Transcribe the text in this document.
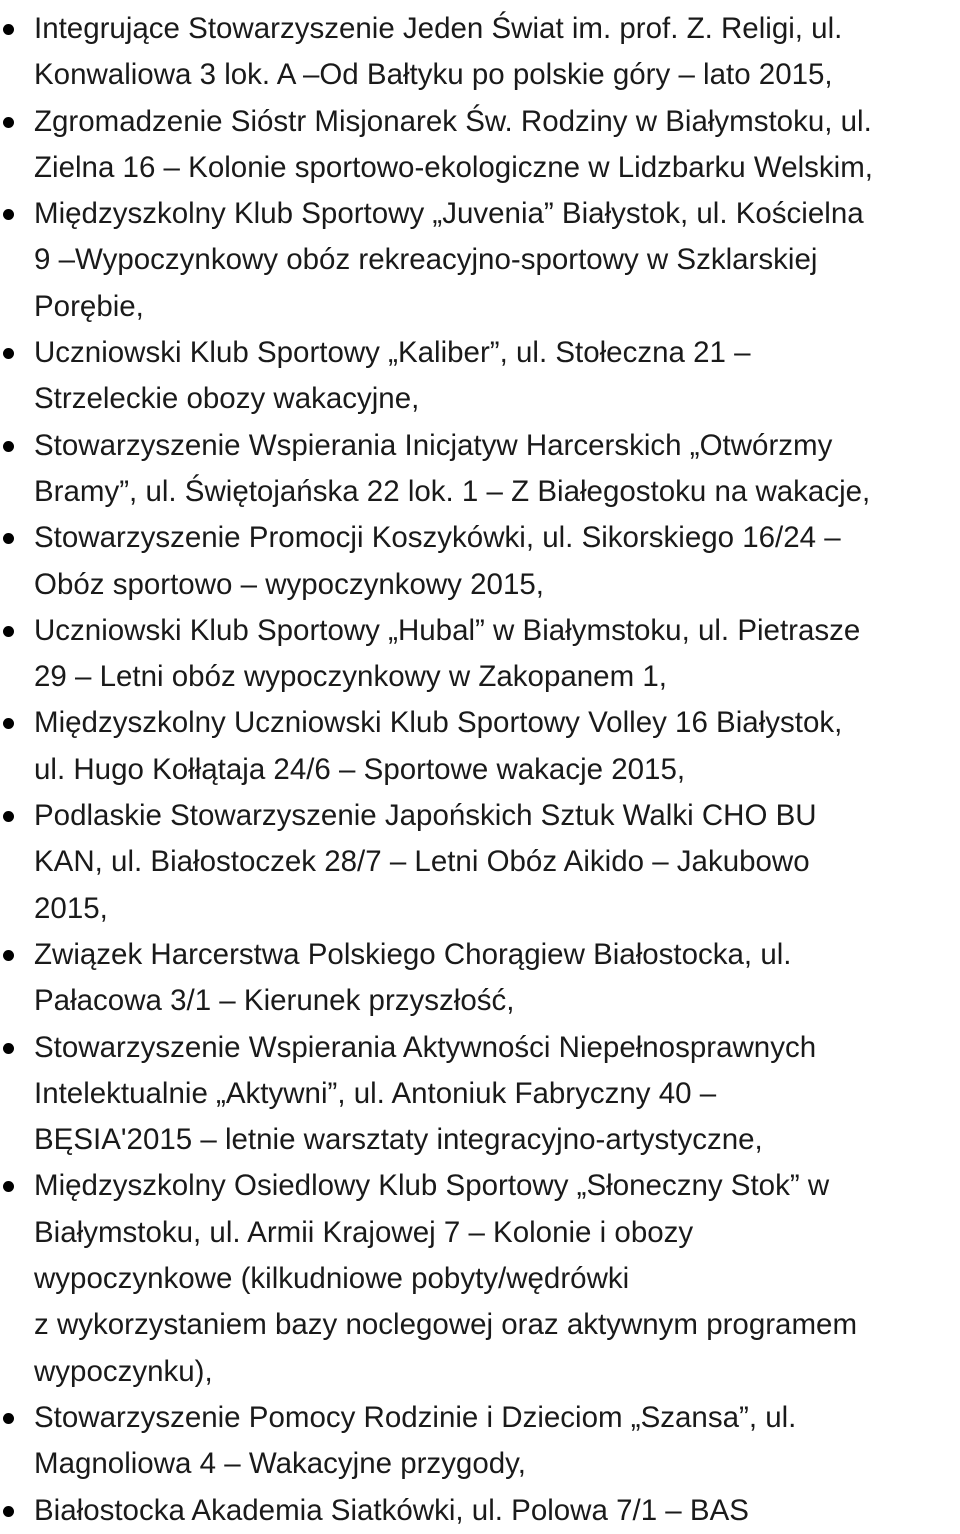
Integrujące Stowarzyszenie Jeden Świat im. prof. Z. Religi, ul.
Konwaliowa 3 lok. A –Od Bałtyku po polskie góry – lato 2015,
Zgromadzenie Sióstr Misjonarek Św. Rodziny w Białymstoku, ul.
Zielna 16 – Kolonie sportowo-ekologiczne w Lidzbarku Welskim,
Międzyszkolny Klub Sportowy „Juvenia” Białystok, ul. Kościelna
9 –Wypoczynkowy obóz rekreacyjno-sportowy w Szklarskiej
Porębie,
Uczniowski Klub Sportowy „Kaliber”, ul. Stołeczna 21 –
Strzeleckie obozy wakacyjne,
Stowarzyszenie Wspierania Inicjatyw Harcerskich „Otwórzmy
Bramy”, ul. Świętojańska 22 lok. 1 – Z Białegostoku na wakacje,
Stowarzyszenie Promocji Koszykówki, ul. Sikorskiego 16/24 –
Obóz sportowo – wypoczynkowy 2015,
Uczniowski Klub Sportowy „Hubal” w Białymstoku, ul. Pietrasze
29 – Letni obóz wypoczynkowy w Zakopanem 1,
Międzyszkolny Uczniowski Klub Sportowy Volley 16 Białystok,
ul. Hugo Kołłątaja 24/6 – Sportowe wakacje 2015,
Podlaskie Stowarzyszenie Japońskich Sztuk Walki CHO BU
KAN, ul. Białostoczek 28/7 – Letni Obóz Aikido – Jakubowo
2015,
Związek Harcerstwa Polskiego Chorągiew Białostocka, ul.
Pałacowa 3/1 – Kierunek przyszłość,
Stowarzyszenie Wspierania Aktywności Niepełnosprawnych
Intelektualnie „Aktywni”, ul. Antoniuk Fabryczny 40 –
BĘSIA'2015 – letnie warsztaty integracyjno-artystyczne,
Międzyszkolny Osiedlowy Klub Sportowy „Słoneczny Stok” w
Białymstoku, ul. Armii Krajowej 7 – Kolonie i obozy
wypoczynkowe (kilkudniowe pobyty/wędrówki
z wykorzystaniem bazy noclegowej oraz aktywnym programem
wypoczynku),
Stowarzyszenie Pomocy Rodzinie i Dzieciom „Szansa”, ul.
Magnoliowa 4 – Wakacyjne przygody,
Białostocka Akademia Siatkówki, ul. Polowa 7/1 – BAS
